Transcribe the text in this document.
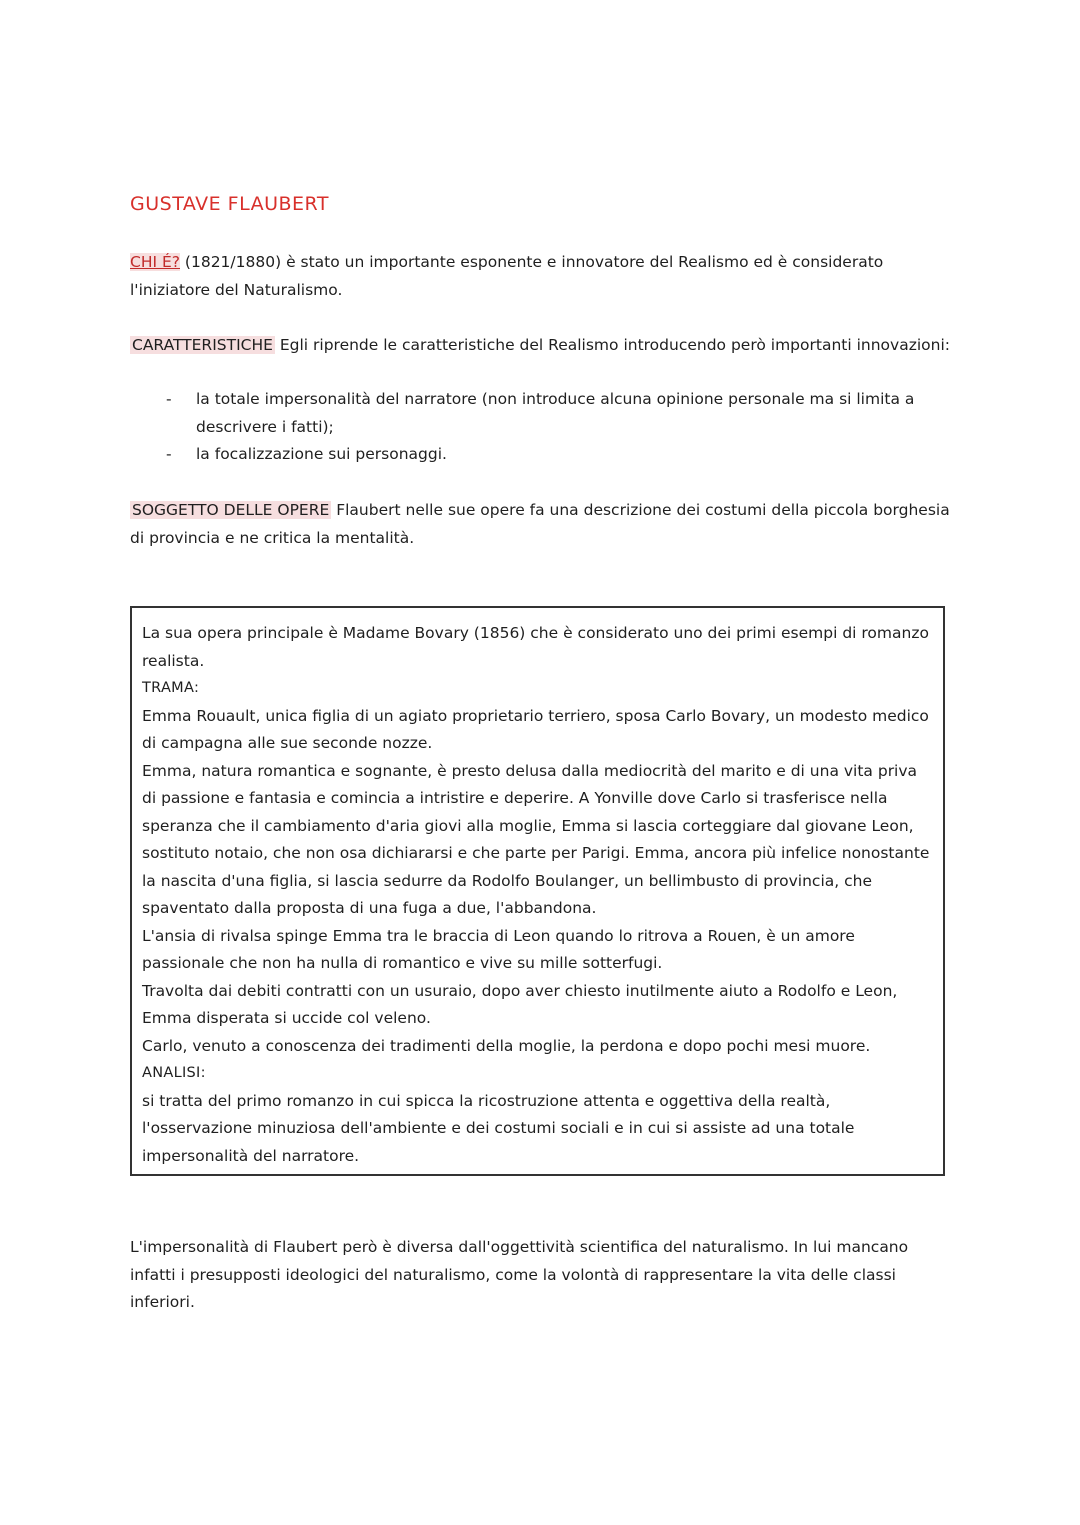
GUSTAVE FLAUBERT

CHI É? (1821/1880) è stato un importante esponente e innovatore del Realismo ed è considerato l'iniziatore del Naturalismo.

CARATTERISTICHE Egli riprende le caratteristiche del Realismo introducendo però importanti innovazioni:

- la totale impersonalità del narratore (non introduce alcuna opinione personale ma si limita a descrivere i fatti);
- la focalizzazione sui personaggi.

SOGGETTO DELLE OPERE Flaubert nelle sue opere fa una descrizione dei costumi della piccola borghesia di provincia e ne critica la mentalità.

La sua opera principale è Madame Bovary (1856) che è considerato uno dei primi esempi di romanzo realista.

TRAMA:

Emma Rouault, unica figlia di un agiato proprietario terriero, sposa Carlo Bovary, un modesto medico di campagna alle sue seconde nozze.

Emma, natura romantica e sognante, è presto delusa dalla mediocrità del marito e di una vita priva di passione e fantasia e comincia a intristire e deperire. A Yonville dove Carlo si trasferisce nella speranza che il cambiamento d'aria giovi alla moglie, Emma si lascia corteggiare dal giovane Leon, sostituto notaio, che non osa dichiararsi e che parte per Parigi. Emma, ancora più infelice nonostante la nascita d'una figlia, si lascia sedurre da Rodolfo Boulanger, un bellimbusto di provincia, che spaventato dalla proposta di una fuga a due, l'abbandona.

L'ansia di rivalsa spinge Emma tra le braccia di Leon quando lo ritrova a Rouen, è un amore passionale che non ha nulla di romantico e vive su mille sotterfugi.

Travolta dai debiti contratti con un usuraio, dopo aver chiesto inutilmente aiuto a Rodolfo e Leon, Emma disperata si uccide col veleno.

Carlo, venuto a conoscenza dei tradimenti della moglie, la perdona e dopo pochi mesi muore.

ANALISI:

si tratta del primo romanzo in cui spicca la ricostruzione attenta e oggettiva della realtà, l'osservazione minuziosa dell'ambiente e dei costumi sociali e in cui si assiste ad una totale impersonalità del narratore.

L'impersonalità di Flaubert però è diversa dall'oggettività scientifica del naturalismo. In lui mancano infatti i presupposti ideologici del naturalismo, come la volontà di rappresentare la vita delle classi inferiori.
